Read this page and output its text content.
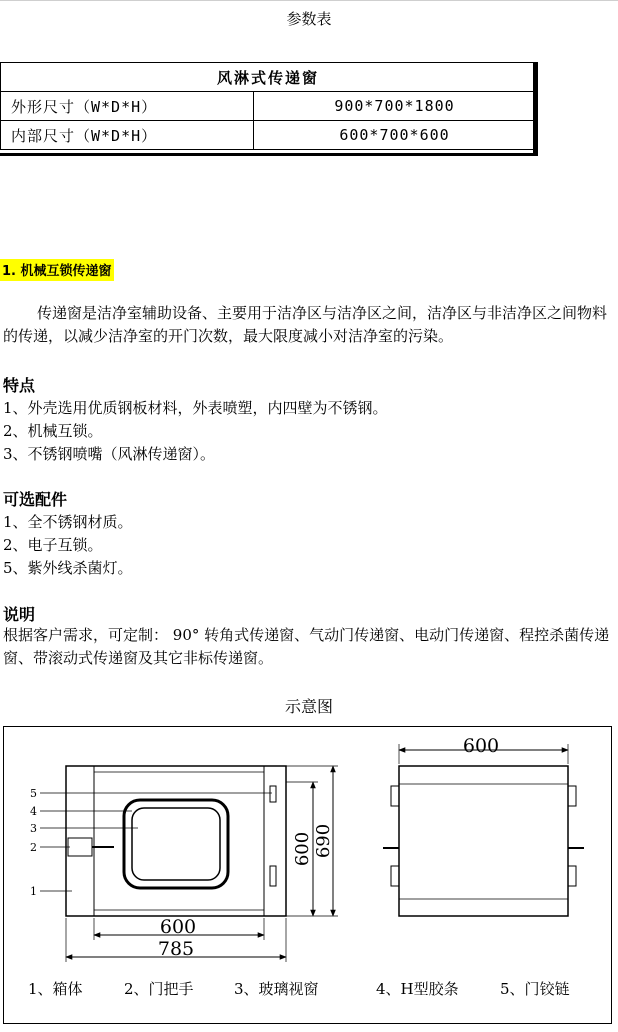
参数表
风淋式传递窗	
外形尺寸（W*D*H）	900*700*1800
内部尺寸（W*D*H）	600*700*600
1. 机械互锁传递窗
传递窗是洁净室辅助设备、主要用于洁净区与洁净区之间，洁净区与非洁净区之间物料的传递，以减少洁净室的开门次数，最大限度减小对洁净室的污染。
特点
1、外壳选用优质钢板材料，外表喷塑，内四壁为不锈钢。
2、机械互锁。
3、不锈钢喷嘴（风淋传递窗）。
可选配件
1、全不锈钢材质。
2、电子互锁。
5、紫外线杀菌灯。
说明
根据客户需求，可定制： 90° 转角式传递窗、气动门传递窗、电动门传递窗、程控杀菌传递窗、带滚动式传递窗及其它非标传递窗。
示意图
5
4
3
2
1
600
785
600 690
600
1、箱体	2、门把手	3、玻璃视窗	4、H型胶条	5、门铰链
